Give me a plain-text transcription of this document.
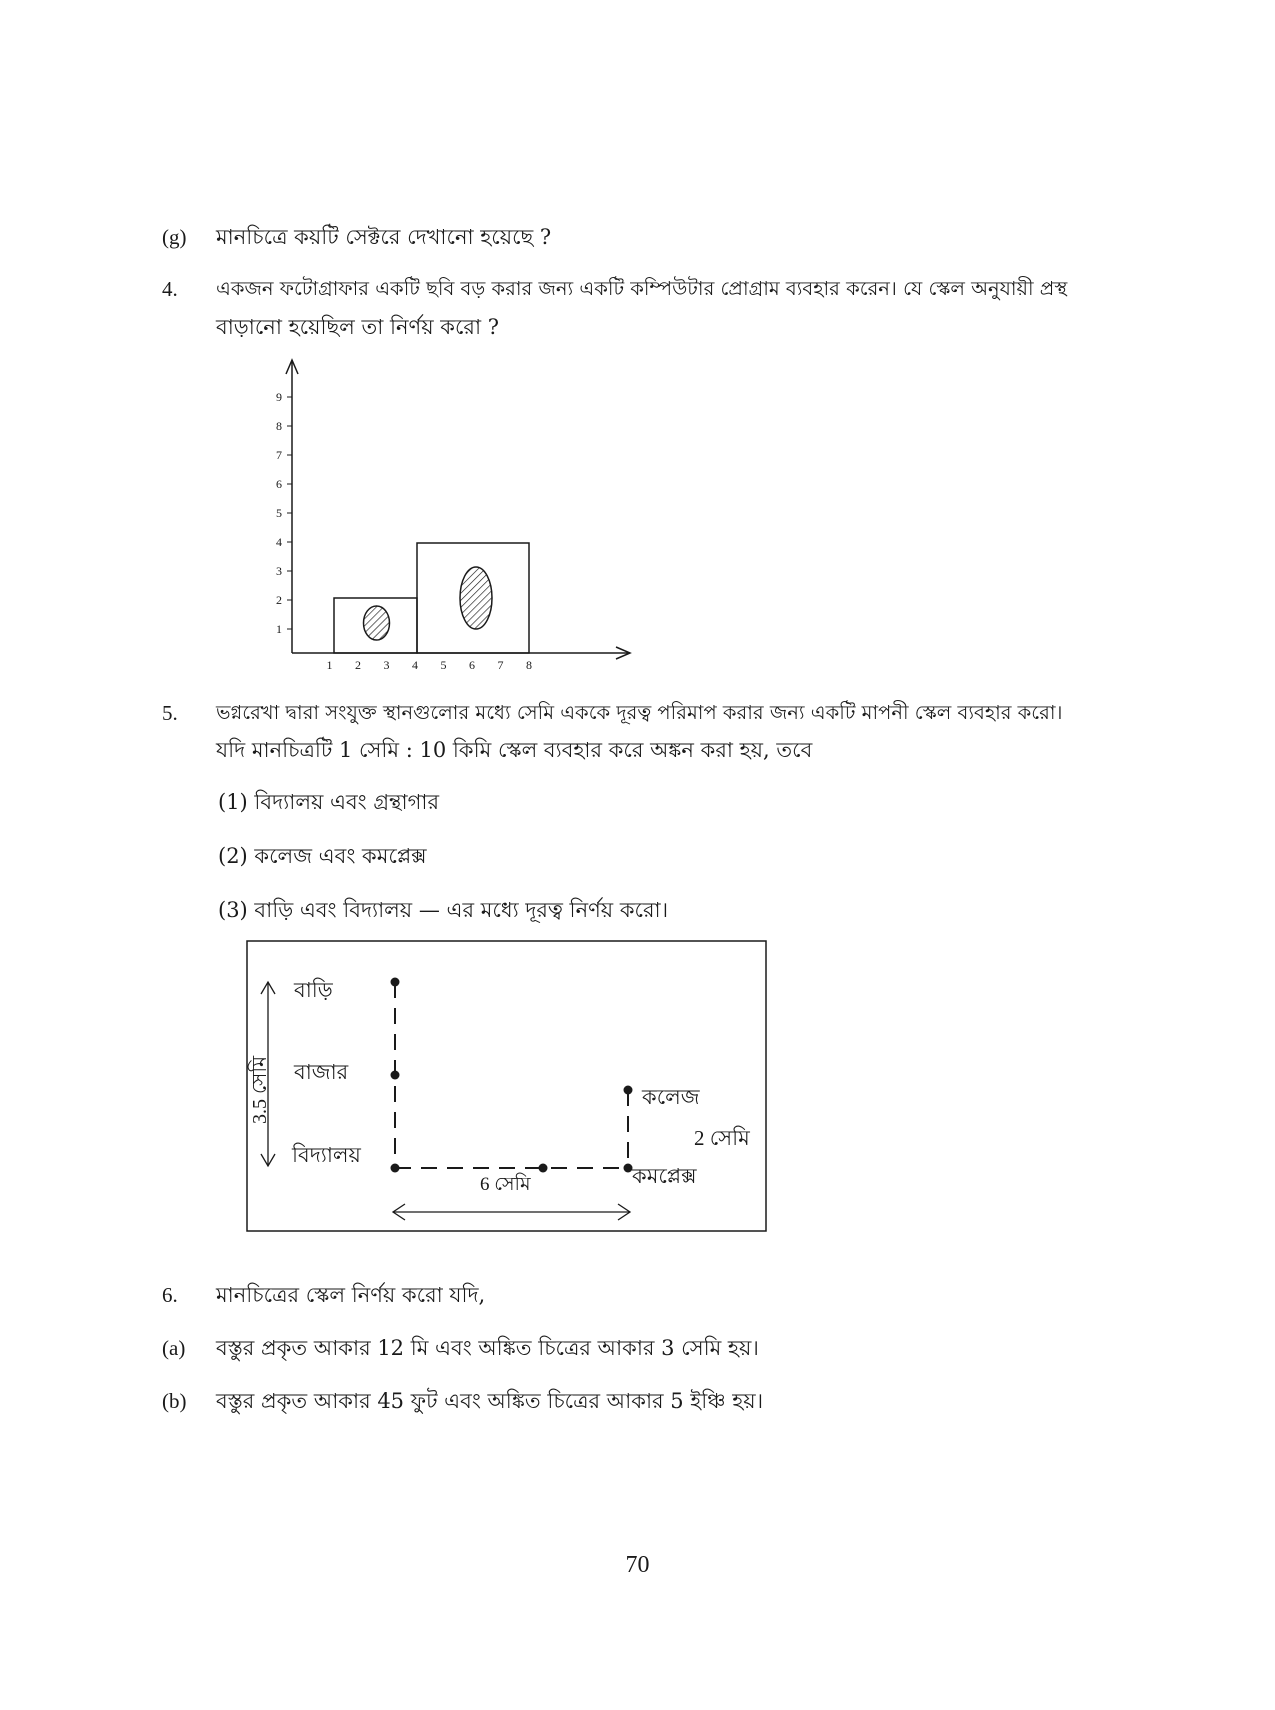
(g) মানচিত্রে কয়টি সেক্টরে দেখানো হয়েছে ?
4. একজন ফটোগ্রাফার একটি ছবি বড় করার জন্য একটি কম্পিউটার প্রোগ্রাম ব্যবহার করেন। যে স্কেল অনুযায়ী প্রস্থ
বাড়ানো হয়েছিল তা নির্ণয় করো ?
1
2
3
4
5
6
7
8
9
1 2 3 4 5 6 7 8
5. ভগ্নরেখা দ্বারা সংযুক্ত স্থানগুলোর মধ্যে সেমি এককে দূরত্ব পরিমাপ করার জন্য একটি মাপনী স্কেল ব্যবহার করো।
যদি মানচিত্রটি 1 সেমি : 10 কিমি স্কেল ব্যবহার করে অঙ্কন করা হয়, তবে
(1) বিদ্যালয় এবং গ্রন্থাগার
(2) কলেজ এবং কমপ্লেক্স
(3) বাড়ি এবং বিদ্যালয় — এর মধ্যে দূরত্ব নির্ণয় করো।
3.5 সেমি
বাড়ি
বাজার
বিদ্যালয়
কলেজ
কমপ্লেক্স
2 সেমি
6 সেমি
6. মানচিত্রের স্কেল নির্ণয় করো যদি,
(a) বস্তুর প্রকৃত আকার 12 মি এবং অঙ্কিত চিত্রের আকার 3 সেমি হয়।
(b) বস্তুর প্রকৃত আকার 45 ফুট এবং অঙ্কিত চিত্রের আকার 5 ইঞ্চি হয়।
70
